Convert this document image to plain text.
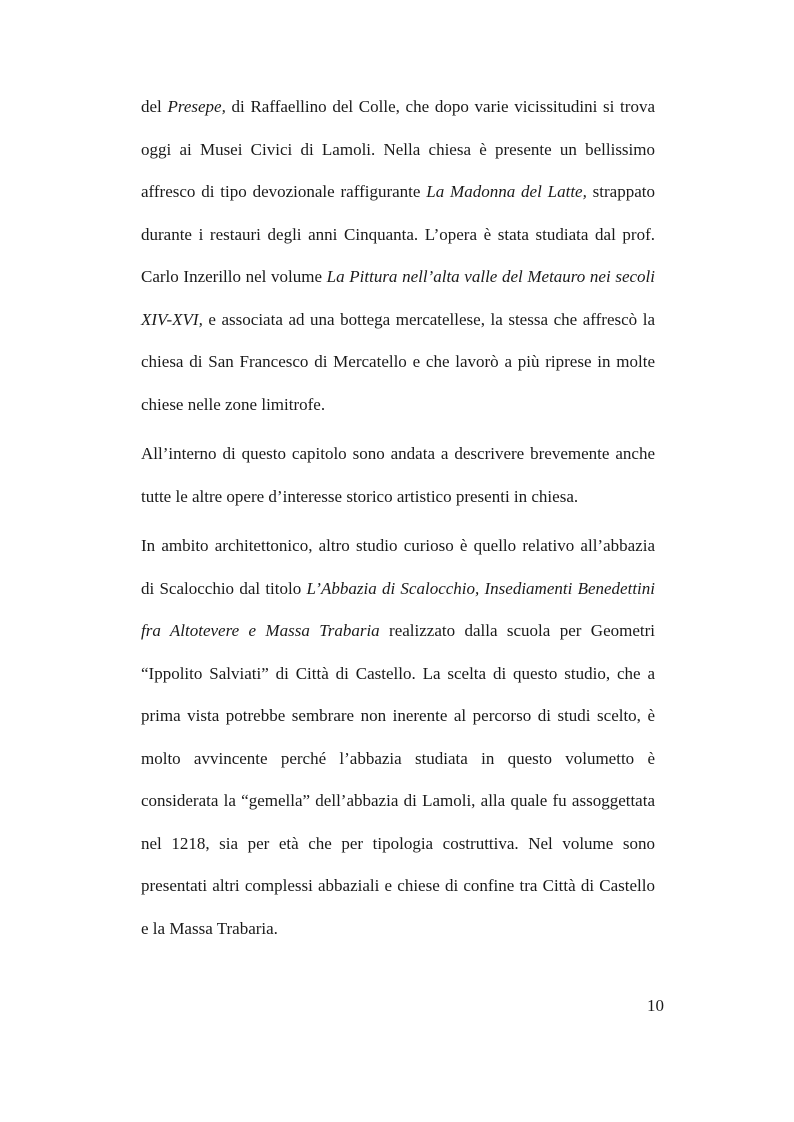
del Presepe, di Raffaellino del Colle, che dopo varie vicissitudini si trova oggi ai Musei Civici di Lamoli. Nella chiesa è presente un bellissimo affresco di tipo devozionale raffigurante La Madonna del Latte, strappato durante i restauri degli anni Cinquanta. L’opera è stata studiata dal prof. Carlo Inzerillo nel volume La Pittura nell’alta valle del Metauro nei secoli XIV-XVI, e associata ad una bottega mercatellese, la stessa che affrescò la chiesa di San Francesco di Mercatello e che lavorò a più riprese in molte chiese nelle zone limitrofe.

All’interno di questo capitolo sono andata a descrivere brevemente anche tutte le altre opere d’interesse storico artistico presenti in chiesa.

In ambito architettonico, altro studio curioso è quello relativo all’abbazia di Scalocchio dal titolo L’Abbazia di Scalocchio, Insediamenti Benedettini fra Altotevere e Massa Trabaria realizzato dalla scuola per Geometri “Ippolito Salviati” di Città di Castello. La scelta di questo studio, che a prima vista potrebbe sembrare non inerente al percorso di studi scelto, è molto avvincente perché l’abbazia studiata in questo volumetto è considerata la “gemella” dell’abbazia di Lamoli, alla quale fu assoggettata nel 1218, sia per età che per tipologia costruttiva. Nel volume sono presentati altri complessi abbaziali e chiese di confine tra Città di Castello e la Massa Trabaria.

10
